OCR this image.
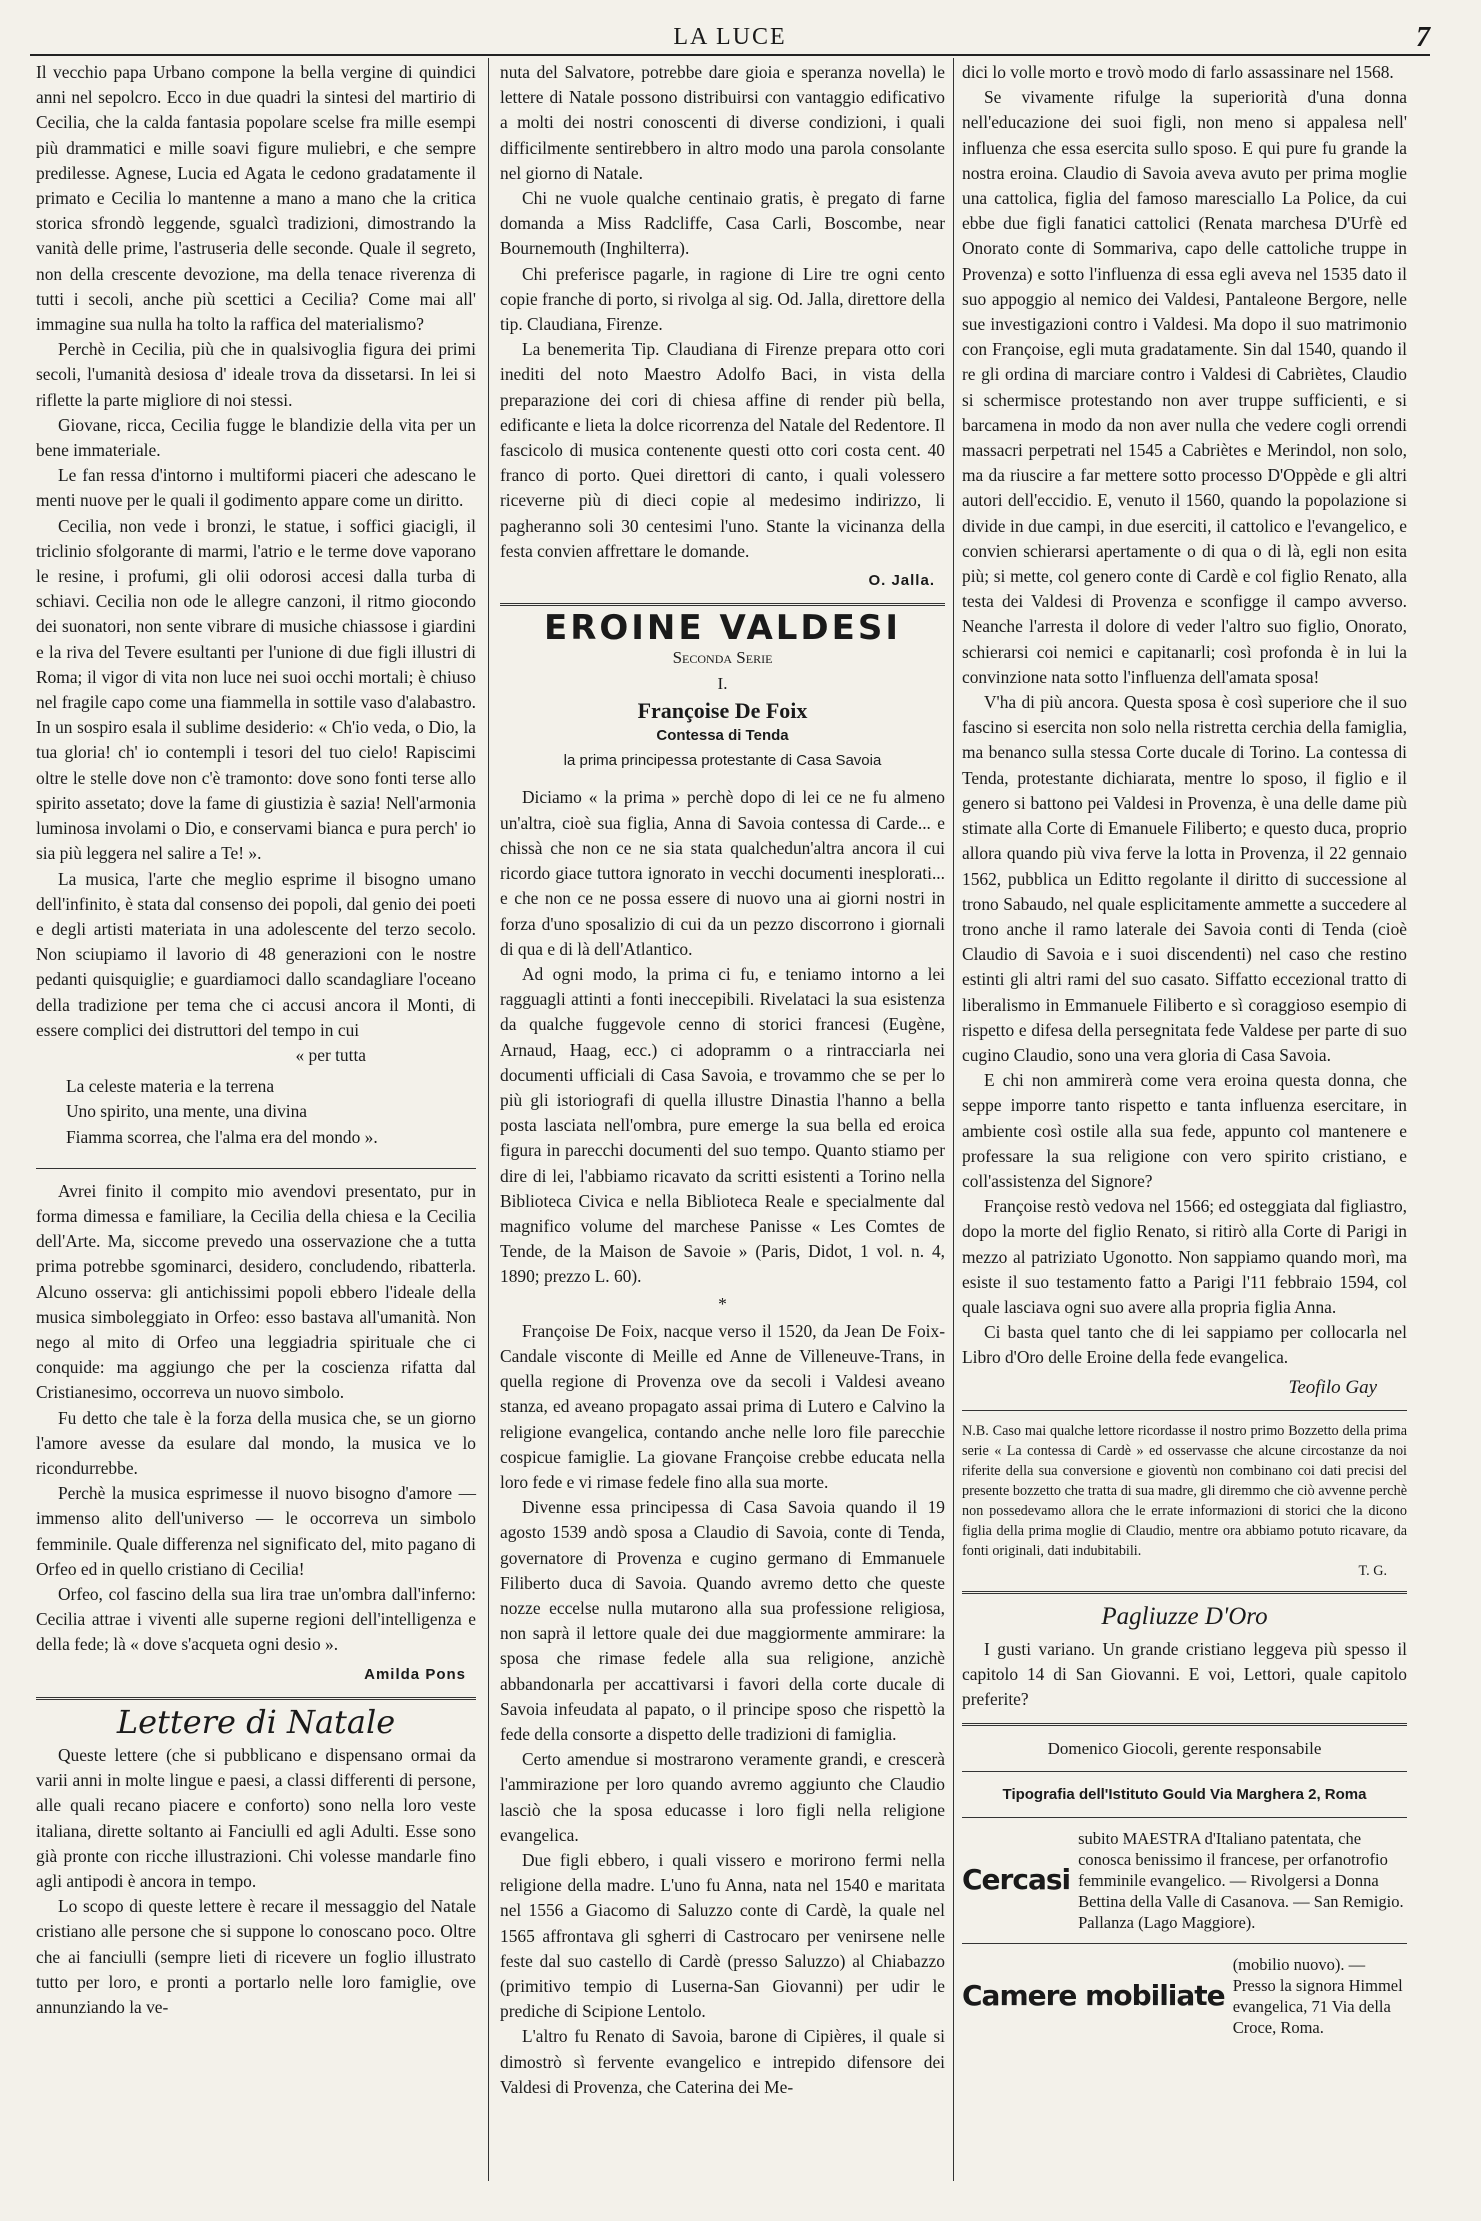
LA LUCE	7

Il vecchio papa Urbano compone la bella vergine di quindici anni nel sepolcro. Ecco in due quadri la sintesi del martirio di Cecilia, che la calda fantasia popolare scelse fra mille esempi più drammatici e mille soavi figure muliebri, e che sempre predilesse. Agnese, Lucia ed Agata le cedono gradatamente il primato e Cecilia lo mantenne a mano a mano che la critica storica sfrondò leggende, sgualcì tradizioni, dimostrando la vanità delle prime, l'astruseria delle seconde. Quale il segreto, non della crescente devozione, ma della tenace riverenza di tutti i secoli, anche più scettici a Cecilia? Come mai all' immagine sua nulla ha tolto la raffica del materialismo?

Perchè in Cecilia, più che in qualsivoglia figura dei primi secoli, l'umanità desiosa d' ideale trova da dissetarsi. In lei si riflette la parte migliore di noi stessi.

Giovane, ricca, Cecilia fugge le blandizie della vita per un bene immateriale.

Le fan ressa d'intorno i multiformi piaceri che adescano le menti nuove per le quali il godimento appare come un diritto.

Cecilia, non vede i bronzi, le statue, i soffici giacigli, il triclinio sfolgorante di marmi, l'atrio e le terme dove vaporano le resine, i profumi, gli olii odorosi accesi dalla turba di schiavi. Cecilia non ode le allegre canzoni, il ritmo giocondo dei suonatori, non sente vibrare di musiche chiassose i giardini e la riva del Tevere esultanti per l'unione di due figli illustri di Roma; il vigor di vita non luce nei suoi occhi mortali; è chiuso nel fragile capo come una fiammella in sottile vaso d'alabastro. In un sospiro esala il sublime desiderio: « Ch'io veda, o Dio, la tua gloria! ch' io contempli i tesori del tuo cielo! Rapiscimi oltre le stelle dove non c'è tramonto: dove sono fonti terse allo spirito assetato; dove la fame di giustizia è sazia! Nell'armonia luminosa involami o Dio, e conservami bianca e pura perch' io sia più leggera nel salire a Te! ».

La musica, l'arte che meglio esprime il bisogno umano dell'infinito, è stata dal consenso dei popoli, dal genio dei poeti e degli artisti materiata in una adolescente del terzo secolo. Non sciupiamo il lavorio di 48 generazioni con le nostre pedanti quisquiglie; e guardiamoci dallo scandagliare l'oceano della tradizione per tema che ci accusi ancora il Monti, di essere complici dei distruttori del tempo in cui

« per tutta
La celeste materia e la terrena
Uno spirito, una mente, una divina
Fiamma scorrea, che l'alma era del mondo ».

Avrei finito il compito mio avendovi presentato, pur in forma dimessa e familiare, la Cecilia della chiesa e la Cecilia dell'Arte. Ma, siccome prevedo una osservazione che a tutta prima potrebbe sgominarci, desidero, concludendo, ribatterla. Alcuno osserva: gli antichissimi popoli ebbero l'ideale della musica simboleggiato in Orfeo: esso bastava all'umanità. Non nego al mito di Orfeo una leggiadria spirituale che ci conquide: ma aggiungo che per la coscienza rifatta dal Cristianesimo, occorreva un nuovo simbolo.

Fu detto che tale è la forza della musica che, se un giorno l'amore avesse da esulare dal mondo, la musica ve lo ricondurrebbe.

Perchè la musica esprimesse il nuovo bisogno d'amore — immenso alito dell'universo — le occorreva un simbolo femminile. Quale differenza nel significato del, mito pagano di Orfeo ed in quello cristiano di Cecilia!

Orfeo, col fascino della sua lira trae un'ombra dall'inferno: Cecilia attrae i viventi alle superne regioni dell'intelligenza e della fede; là « dove s'acqueta ogni desio ».

Amilda Pons
Lettere di Natale

Queste lettere (che si pubblicano e dispensano ormai da varii anni in molte lingue e paesi, a classi differenti di persone, alle quali recano piacere e conforto) sono nella loro veste italiana, dirette soltanto ai Fanciulli ed agli Adulti. Esse sono già pronte con ricche illustrazioni. Chi volesse mandarle fino agli antipodi è ancora in tempo.

Lo scopo di queste lettere è recare il messaggio del Natale cristiano alle persone che si suppone lo conoscano poco. Oltre che ai fanciulli (sempre lieti di ricevere un foglio illustrato tutto per loro, e pronti a portarlo nelle loro famiglie, ove annunziando la ve-

nuta del Salvatore, potrebbe dare gioia e speranza novella) le lettere di Natale possono distribuirsi con vantaggio edificativo a molti dei nostri conoscenti di diverse condizioni, i quali difficilmente sentirebbero in altro modo una parola consolante nel giorno di Natale.

Chi ne vuole qualche centinaio gratis, è pregato di farne domanda a Miss Radcliffe, Casa Carli, Boscombe, near Bournemouth (Inghilterra).

Chi preferisce pagarle, in ragione di Lire tre ogni cento copie franche di porto, si rivolga al sig. Od. Jalla, direttore della tip. Claudiana, Firenze.

La benemerita Tip. Claudiana di Firenze prepara otto cori inediti del noto Maestro Adolfo Baci, in vista della preparazione dei cori di chiesa affine di render più bella, edificante e lieta la dolce ricorrenza del Natale del Redentore. Il fascicolo di musica contenente questi otto cori costa cent. 40 franco di porto. Quei direttori di canto, i quali volessero riceverne più di dieci copie al medesimo indirizzo, li pagheranno soli 30 centesimi l'uno. Stante la vicinanza della festa convien affrettare le domande.

O. Jalla.
EROINE VALDESI
Seconda Serie
I.
Françoise De Foix
Contessa di Tenda
la prima principessa protestante di Casa Savoia

Diciamo « la prima » perchè dopo di lei ce ne fu almeno un'altra, cioè sua figlia, Anna di Savoia contessa di Carde... e chissà che non ce ne sia stata qualchedun'altra ancora il cui ricordo giace tuttora ignorato in vecchi documenti inesplorati... e che non ce ne possa essere di nuovo una ai giorni nostri in forza d'uno sposalizio di cui da un pezzo discorrono i giornali di qua e di là dell'Atlantico.

Ad ogni modo, la prima ci fu, e teniamo intorno a lei ragguagli attinti a fonti ineccepibili. Rivelataci la sua esistenza da qualche fuggevole cenno di storici francesi (Eugène, Arnaud, Haag, ecc.) ci adopramm o a rintracciarla nei documenti ufficiali di Casa Savoia, e trovammo che se per lo più gli istoriografi di quella illustre Dinastia l'hanno a bella posta lasciata nell'ombra, pure emerge la sua bella ed eroica figura in parecchi documenti del suo tempo. Quanto stiamo per dire di lei, l'abbiamo ricavato da scritti esistenti a Torino nella Biblioteca Civica e nella Biblioteca Reale e specialmente dal magnifico volume del marchese Panisse « Les Comtes de Tende, de la Maison de Savoie » (Paris, Didot, 1 vol. n. 4, 1890; prezzo L. 60).

*

Françoise De Foix, nacque verso il 1520, da Jean De Foix-Candale visconte di Meille ed Anne de Villeneuve-Trans, in quella regione di Provenza ove da secoli i Valdesi aveano stanza, ed aveano propagato assai prima di Lutero e Calvino la religione evangelica, contando anche nelle loro file parecchie cospicue famiglie. La giovane Françoise crebbe educata nella loro fede e vi rimase fedele fino alla sua morte.

Divenne essa principessa di Casa Savoia quando il 19 agosto 1539 andò sposa a Claudio di Savoia, conte di Tenda, governatore di Provenza e cugino germano di Emmanuele Filiberto duca di Savoia. Quando avremo detto che queste nozze eccelse nulla mutarono alla sua professione religiosa, non saprà il lettore quale dei due maggiormente ammirare: la sposa che rimase fedele alla sua religione, anzichè abbandonarla per accattivarsi i favori della corte ducale di Savoia infeudata al papato, o il principe sposo che rispettò la fede della consorte a dispetto delle tradizioni di famiglia.

Certo amendue si mostrarono veramente grandi, e crescerà l'ammirazione per loro quando avremo aggiunto che Claudio lasciò che la sposa educasse i loro figli nella religione evangelica.

Due figli ebbero, i quali vissero e morirono fermi nella religione della madre. L'uno fu Anna, nata nel 1540 e maritata nel 1556 a Giacomo di Saluzzo conte di Cardè, la quale nel 1565 affrontava gli sgherri di Castrocaro per venirsene nelle feste dal suo castello di Cardè (presso Saluzzo) al Chiabazzo (primitivo tempio di Luserna-San Giovanni) per udir le prediche di Scipione Lentolo.

L'altro fu Renato di Savoia, barone di Cipières, il quale si dimostrò sì fervente evangelico e intrepido difensore dei Valdesi di Provenza, che Caterina dei Me-

dici lo volle morto e trovò modo di farlo assassinare nel 1568.

Se vivamente rifulge la superiorità d'una donna nell'educazione dei suoi figli, non meno si appalesa nell' influenza che essa esercita sullo sposo. E qui pure fu grande la nostra eroina. Claudio di Savoia aveva avuto per prima moglie una cattolica, figlia del famoso maresciallo La Police, da cui ebbe due figli fanatici cattolici (Renata marchesa D'Urfè ed Onorato conte di Sommariva, capo delle cattoliche truppe in Provenza) e sotto l'influenza di essa egli aveva nel 1535 dato il suo appoggio al nemico dei Valdesi, Pantaleone Bergore, nelle sue investigazioni contro i Valdesi. Ma dopo il suo matrimonio con Françoise, egli muta gradatamente. Sin dal 1540, quando il re gli ordina di marciare contro i Valdesi di Cabriètes, Claudio si schermisce protestando non aver truppe sufficienti, e si barcamena in modo da non aver nulla che vedere cogli orrendi massacri perpetrati nel 1545 a Cabriètes e Merindol, non solo, ma da riuscire a far mettere sotto processo D'Oppède e gli altri autori dell'eccidio. E, venuto il 1560, quando la popolazione si divide in due campi, in due eserciti, il cattolico e l'evangelico, e convien schierarsi apertamente o di qua o di là, egli non esita più; si mette, col genero conte di Cardè e col figlio Renato, alla testa dei Valdesi di Provenza e sconfigge il campo avverso. Neanche l'arresta il dolore di veder l'altro suo figlio, Onorato, schierarsi coi nemici e capitanarli; così profonda è in lui la convinzione nata sotto l'influenza dell'amata sposa!

V'ha di più ancora. Questa sposa è così superiore che il suo fascino si esercita non solo nella ristretta cerchia della famiglia, ma benanco sulla stessa Corte ducale di Torino. La contessa di Tenda, protestante dichiarata, mentre lo sposo, il figlio e il genero si battono pei Valdesi in Provenza, è una delle dame più stimate alla Corte di Emanuele Filiberto; e questo duca, proprio allora quando più viva ferve la lotta in Provenza, il 22 gennaio 1562, pubblica un Editto regolante il diritto di successione al trono Sabaudo, nel quale esplicitamente ammette a succedere al trono anche il ramo laterale dei Savoia conti di Tenda (cioè Claudio di Savoia e i suoi discendenti) nel caso che restino estinti gli altri rami del suo casato. Siffatto eccezional tratto di liberalismo in Emmanuele Filiberto e sì coraggioso esempio di rispetto e difesa della persegnitata fede Valdese per parte di suo cugino Claudio, sono una vera gloria di Casa Savoia.

E chi non ammirerà come vera eroina questa donna, che seppe imporre tanto rispetto e tanta influenza esercitare, in ambiente così ostile alla sua fede, appunto col mantenere e professare la sua religione con vero spirito cristiano, e coll'assistenza del Signore?

Françoise restò vedova nel 1566; ed osteggiata dal figliastro, dopo la morte del figlio Renato, si ritirò alla Corte di Parigi in mezzo al patriziato Ugonotto. Non sappiamo quando morì, ma esiste il suo testamento fatto a Parigi l'11 febbraio 1594, col quale lasciava ogni suo avere alla propria figlia Anna.

Ci basta quel tanto che di lei sappiamo per collocarla nel Libro d'Oro delle Eroine della fede evangelica.

Teofilo Gay

N.B. Caso mai qualche lettore ricordasse il nostro primo Bozzetto della prima serie « La contessa di Cardè » ed osservasse che alcune circostanze da noi riferite della sua conversione e gioventù non combinano coi dati precisi del presente bozzetto che tratta di sua madre, gli diremmo che ciò avvenne perchè non possedevamo allora che le errate informazioni di storici che la dicono figlia della prima moglie di Claudio, mentre ora abbiamo potuto ricavare, da fonti originali, dati indubitabili.

T. G.
Pagliuzze D'Oro

I gusti variano. Un grande cristiano leggeva più spesso il capitolo 14 di San Giovanni. E voi, Lettori, quale capitolo preferite?

Domenico Giocoli, gerente responsabile
Tipografia dell'Istituto Gould Via Marghera 2, Roma
Cercasi
subito MAESTRA d'Italiano patentata, che conosca benissimo il francese, per orfanotrofio femminile evangelico. — Rivolgersi a Donna Bettina della Valle di Casanova. — San Remigio. Pallanza (Lago Maggiore).
Camere mobiliate
(mobilio nuovo). — Presso la signora Himmel evangelica, 71 Via della Croce, Roma.
